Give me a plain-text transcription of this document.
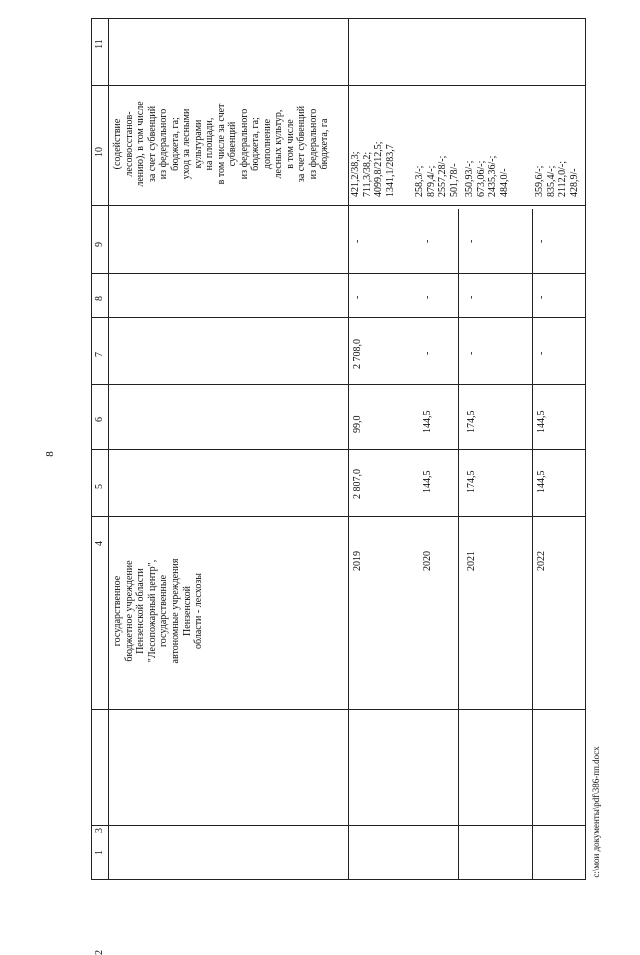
8
c:\мои документы\pdf\386-пп.docx
11
10
9
8
7
6
5
4
3
2
1
государственное
бюджетное учреждение
Пензенской области
"Лесопожарный центр",
государственные
автономные учреждения
Пензенской
области - лесхозы
(содействие
лесовосстанов-
лению), в том числе
за счет субвенций
из федерального
бюджета, га;
уход за лесными
культурами
на площади,
в том числе за счет
субвенций
из федерального
бюджета, га;
дополнение
лесных культур,
в том числе
за счет субвенций
из федерального
бюджета, га
2019
2 807,0
99,0
2 708,0
-
-
421,2/38,3;
711,3/38,2;
4099,8/212,5;
1341,1/283,7
2020
144,5
144,5
-
-
-
258,3/-;
879,4/-;
2557,28/-;
501,78/-
2021
174,5
174,5
-
-
-
350,93/-;
673,06/-;
2435,36/-;
484,0/-
2022
144,5
144,5
-
-
-
359,6/-;
835,4/-;
2112,0/-;
428,9/-
